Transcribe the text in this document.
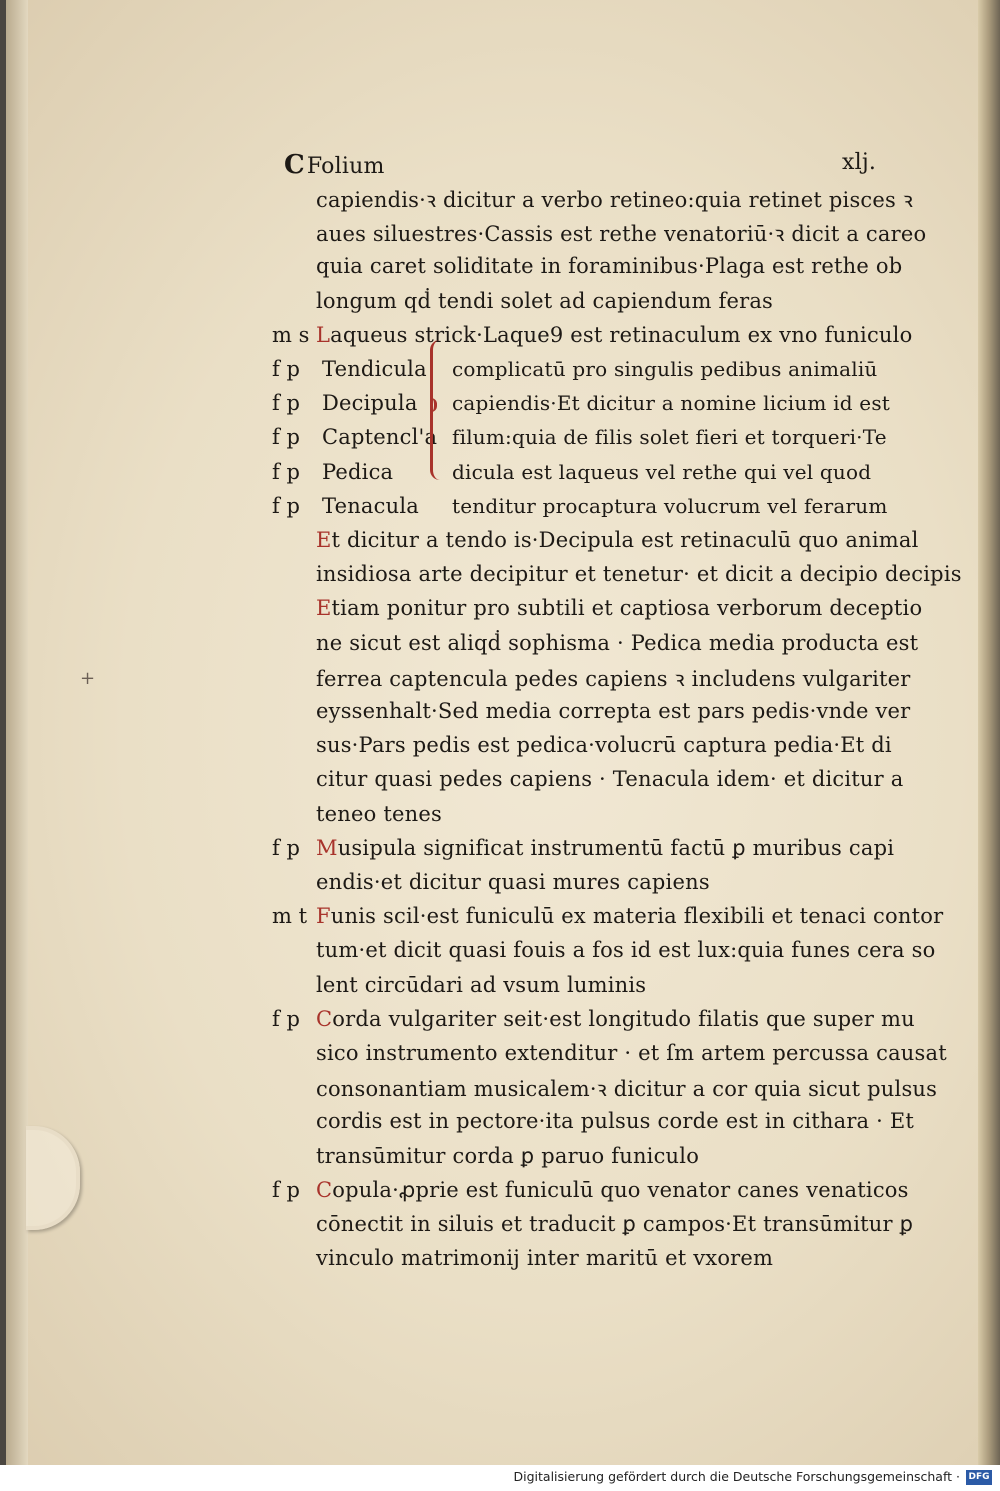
CFolium	xlj.
capiendis·ꝛ dicitur a verbo retineo:quia retinet pisces ꝛ
aues siluestres·Cassis est rethe venatoriū·ꝛ dicit a careo
quia caret soliditate in foraminibus·Plaga est rethe ob
longum qḋ tendi solet ad capiendum feras
m s Laqueus strick·Laque9 est retinaculum ex vno funiculo
f p Tendicula complicatū pro singulis pedibus animaliū
f p Decipula capiendis·Et dicitur a nomine licium id est
f p Captencl'a filum:quia de filis solet fieri et torqueri·Te
f p Pedica	dicula est laqueus vel rethe qui vel quod
f p Tenacula tenditur procaptura volucrum vel ferarum
Et dicitur a tendo is·Decipula est retinaculū quo animal
insidiosa arte decipitur et tenetur· et dicit a decipio decipis
Etiam ponitur pro subtili et captiosa verborum deceptio
ne sicut est aliqḋ sophisma · Pedica media producta est
ferrea captencula pedes capiens ꝛ includens vulgariter
eyssenhalt·Sed media correpta est pars pedis·vnde ver
sus·Pars pedis est pedica·volucrū captura pedia·Et di
citur quasi pedes capiens · Tenacula idem· et dicitur a
teneo tenes
f p Musipula significat instrumentū factū ꝑ muribus capi
endis·et dicitur quasi mures capiens
m t Funis scil·est funiculū ex materia flexibili et tenaci contor
tum·et dicit quasi fouis a fos id est lux:quia funes cera so
lent circūdari ad vsum luminis
f p Corda vulgariter seit·est longitudo filatis que super mu
sico instrumento extenditur · et ſm artem percussa causat
consonantiam musicalem·ꝛ dicitur a cor quia sicut pulsus
cordis est in pectore·ita pulsus corde est in cithara · Et
transūmitur corda ꝑ paruo funiculo
f p Copula·ꝓprie est funiculū quo venator canes venaticos
cōnectit in siluis et traducit ꝑ campos·Et transūmitur ꝑ
vinculo matrimonij inter maritū et vxorem
+
Digitalisierung gefördert durch die Deutsche Forschungsgemeinschaft · DFG
